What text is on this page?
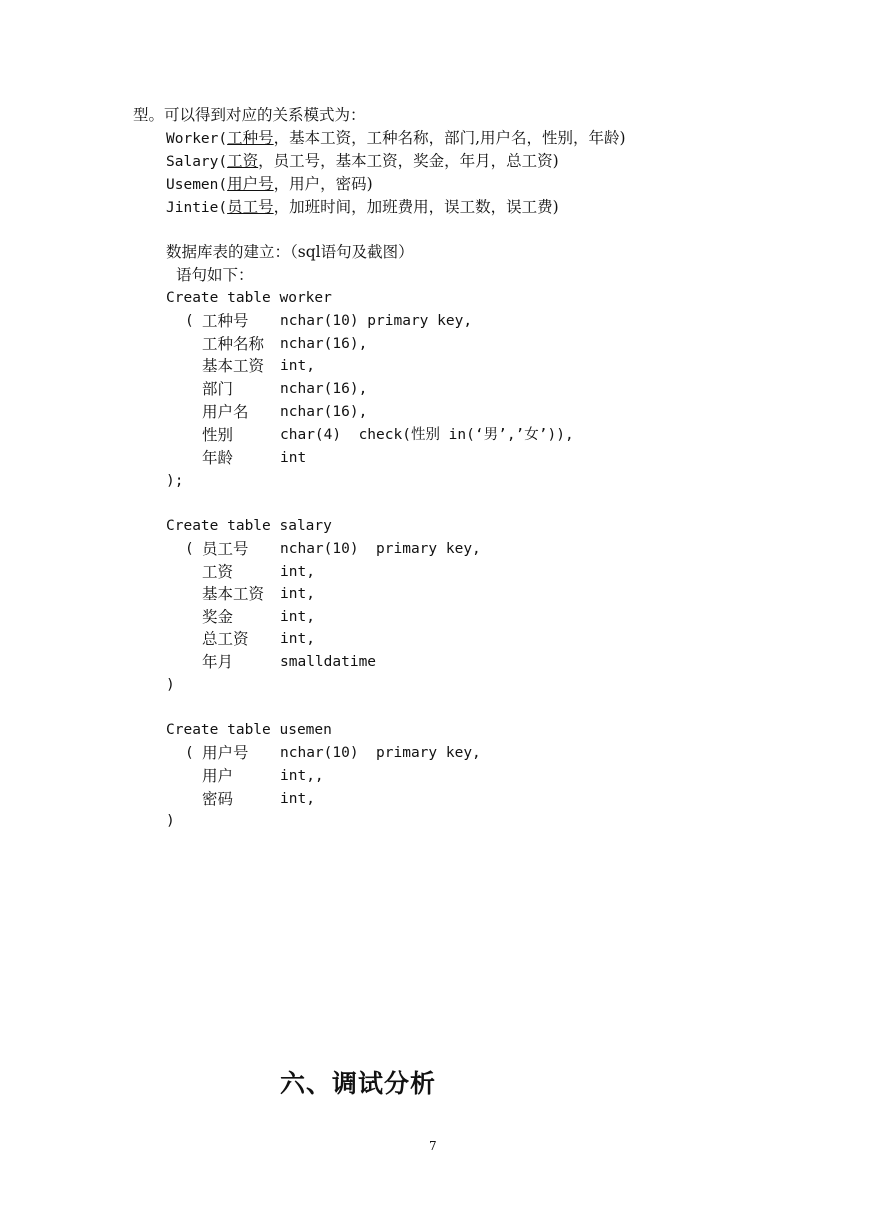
型。可以得到对应的关系模式为：
Worker(工种号，基本工资，工种名称，部门,用户名，性别，年龄)
Salary(工资，员工号，基本工资，奖金，年月，总工资)
Usemen(用户号，用户，密码)
Jintie(员工号，加班时间，加班费用，误工数，误工费)
数据库表的建立：（sql语句及截图）
语句如下：
Create table worker
( 工种号 nchar(10) primary key,
工种名称 nchar(16),
基本工资 int,
部门	nchar(16),
用户名 nchar(16),
性别	char(4)  check(性别 in(‘男’,’女’)),
年龄	int
);
Create table salary
( 员工号 nchar(10)  primary key,
工资	int,
基本工资 int,
奖金	int,
总工资 int,
年月	smalldatime
)
Create table usemen
( 用户号 nchar(10)  primary key,
用户	int,,
密码	int,
)
六、调试分析
7
